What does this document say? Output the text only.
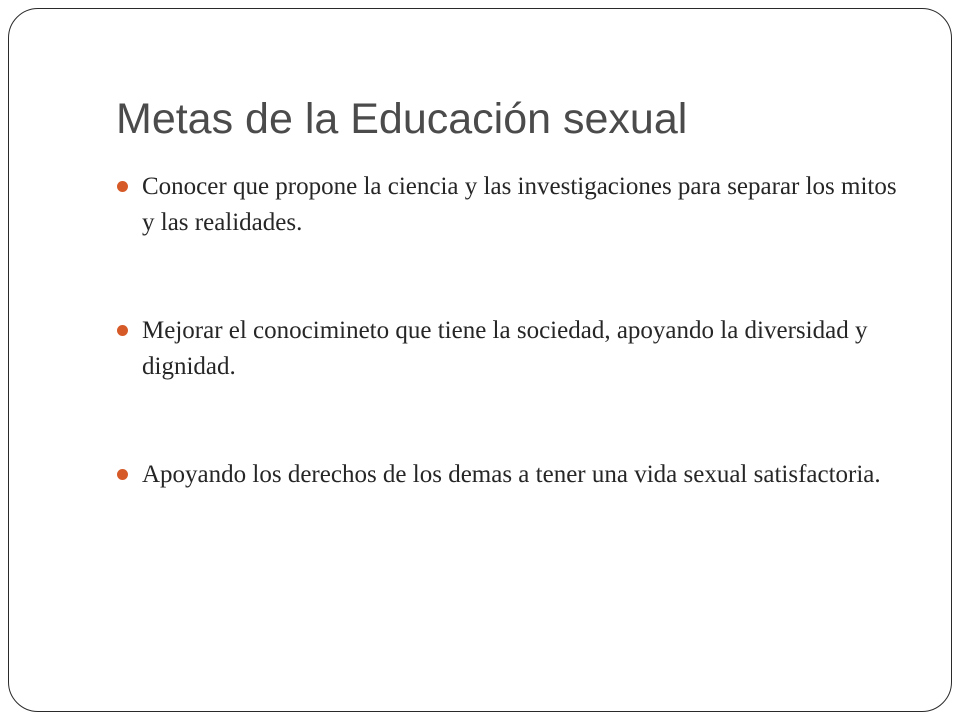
Metas de la Educación sexual
Conocer que propone la ciencia y las investigaciones para separar los mitos y las realidades.
Mejorar el conocimineto que tiene la sociedad, apoyando la diversidad y dignidad.
Apoyando los derechos de los demas a tener una vida sexual satisfactoria.
